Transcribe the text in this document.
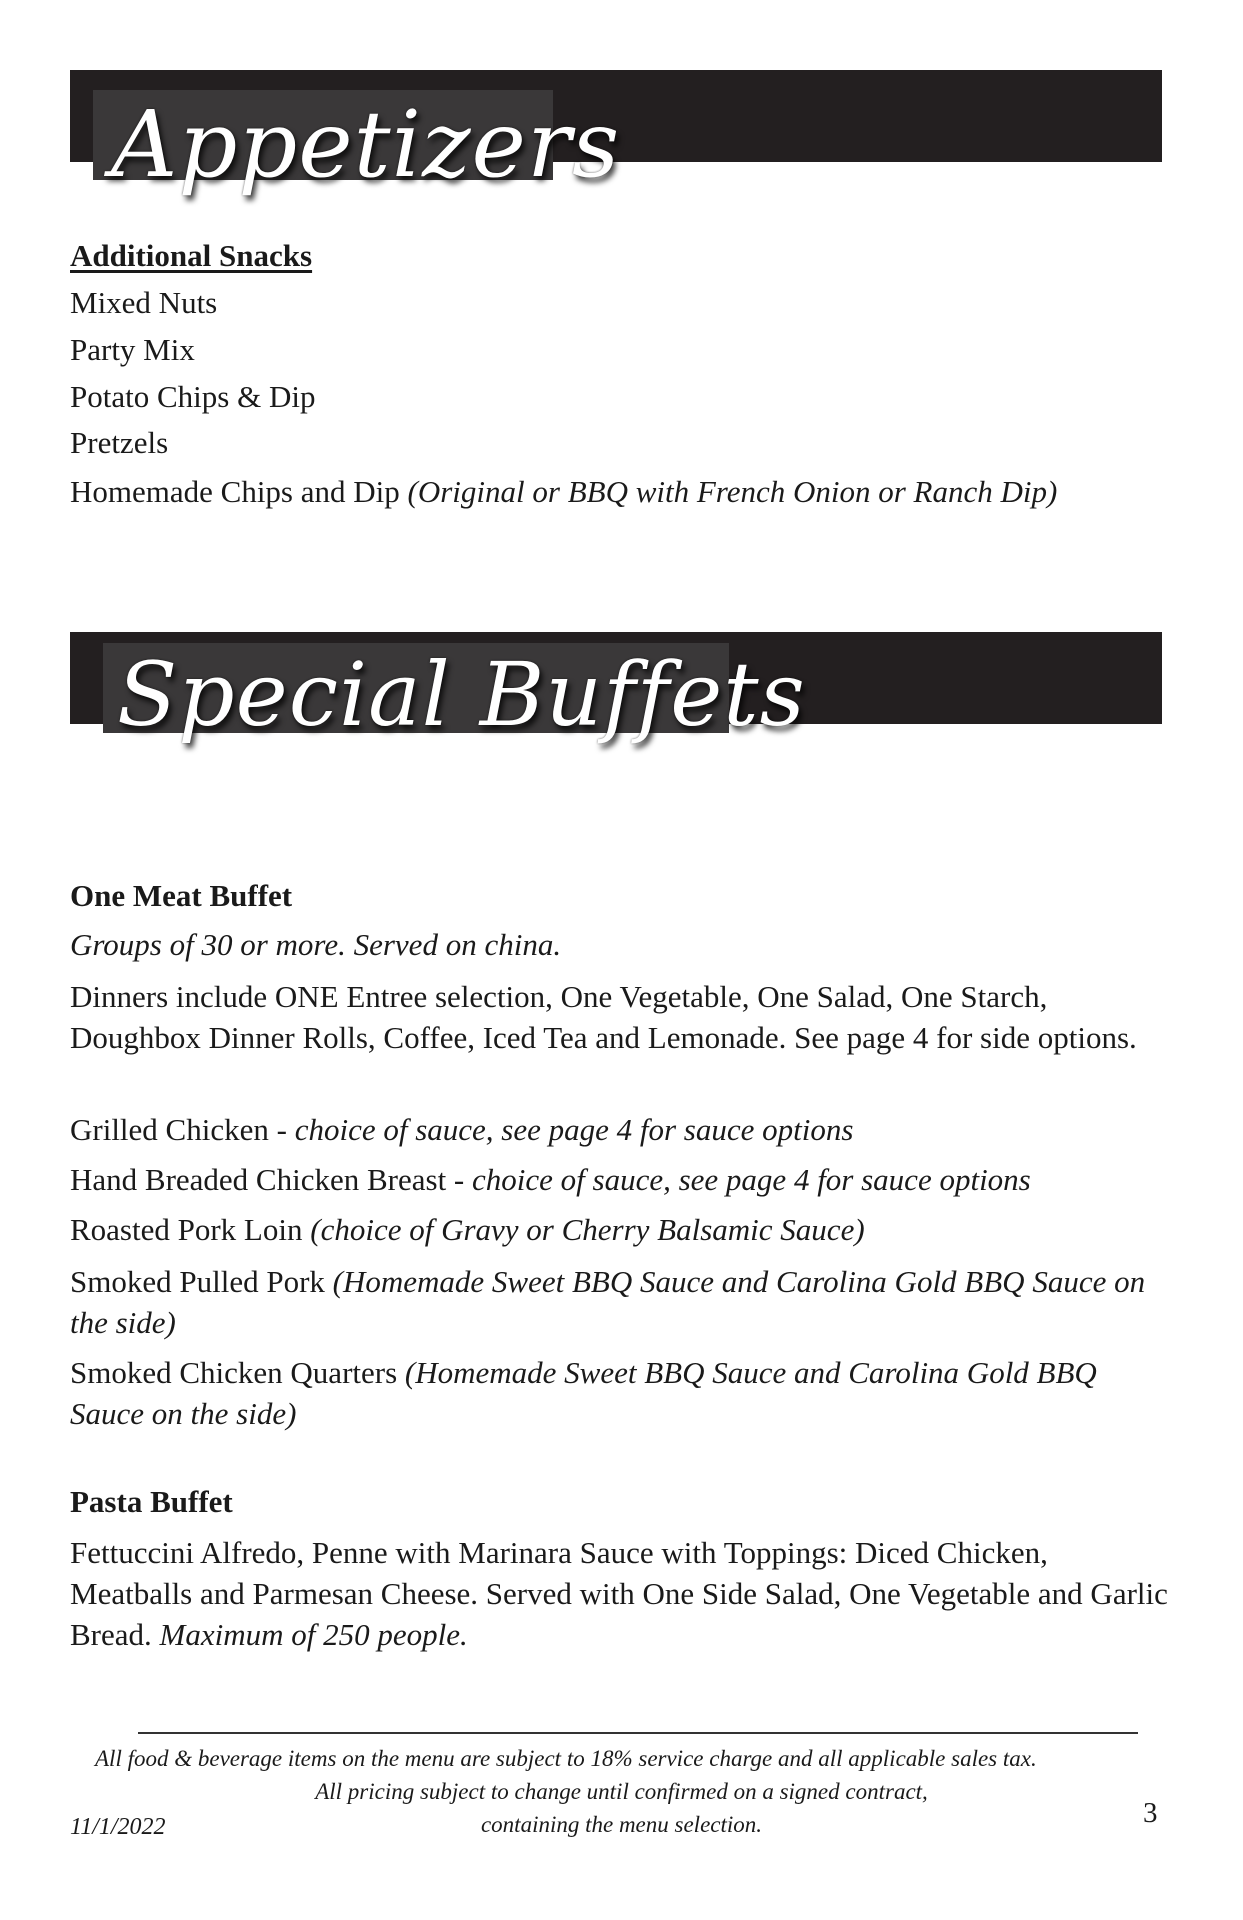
Appetizers
Additional Snacks
Mixed Nuts
Party Mix
Potato Chips & Dip
Pretzels
Homemade Chips and Dip (Original or BBQ with French Onion or Ranch Dip)
Special Buffets
One Meat Buffet
Groups of 30 or more. Served on china.
Dinners include ONE Entree selection, One Vegetable, One Salad, One Starch, Doughbox Dinner Rolls, Coffee, Iced Tea and Lemonade. See page 4 for side options.
Grilled Chicken - choice of sauce, see page 4 for sauce options
Hand Breaded Chicken Breast - choice of sauce, see page 4 for sauce options
Roasted Pork Loin (choice of Gravy or Cherry Balsamic Sauce)
Smoked Pulled Pork (Homemade Sweet BBQ Sauce and Carolina Gold BBQ Sauce on the side)
Smoked Chicken Quarters (Homemade Sweet BBQ Sauce and Carolina Gold BBQ Sauce on the side)
Pasta Buffet
Fettuccini Alfredo, Penne with Marinara Sauce with Toppings: Diced Chicken, Meatballs and Parmesan Cheese. Served with One Side Salad, One Vegetable and Garlic Bread. Maximum of 250 people.
All food & beverage items on the menu are subject to 18% service charge and all applicable sales tax.
All pricing subject to change until confirmed on a signed contract,
containing the menu selection.
11/1/2022	3
